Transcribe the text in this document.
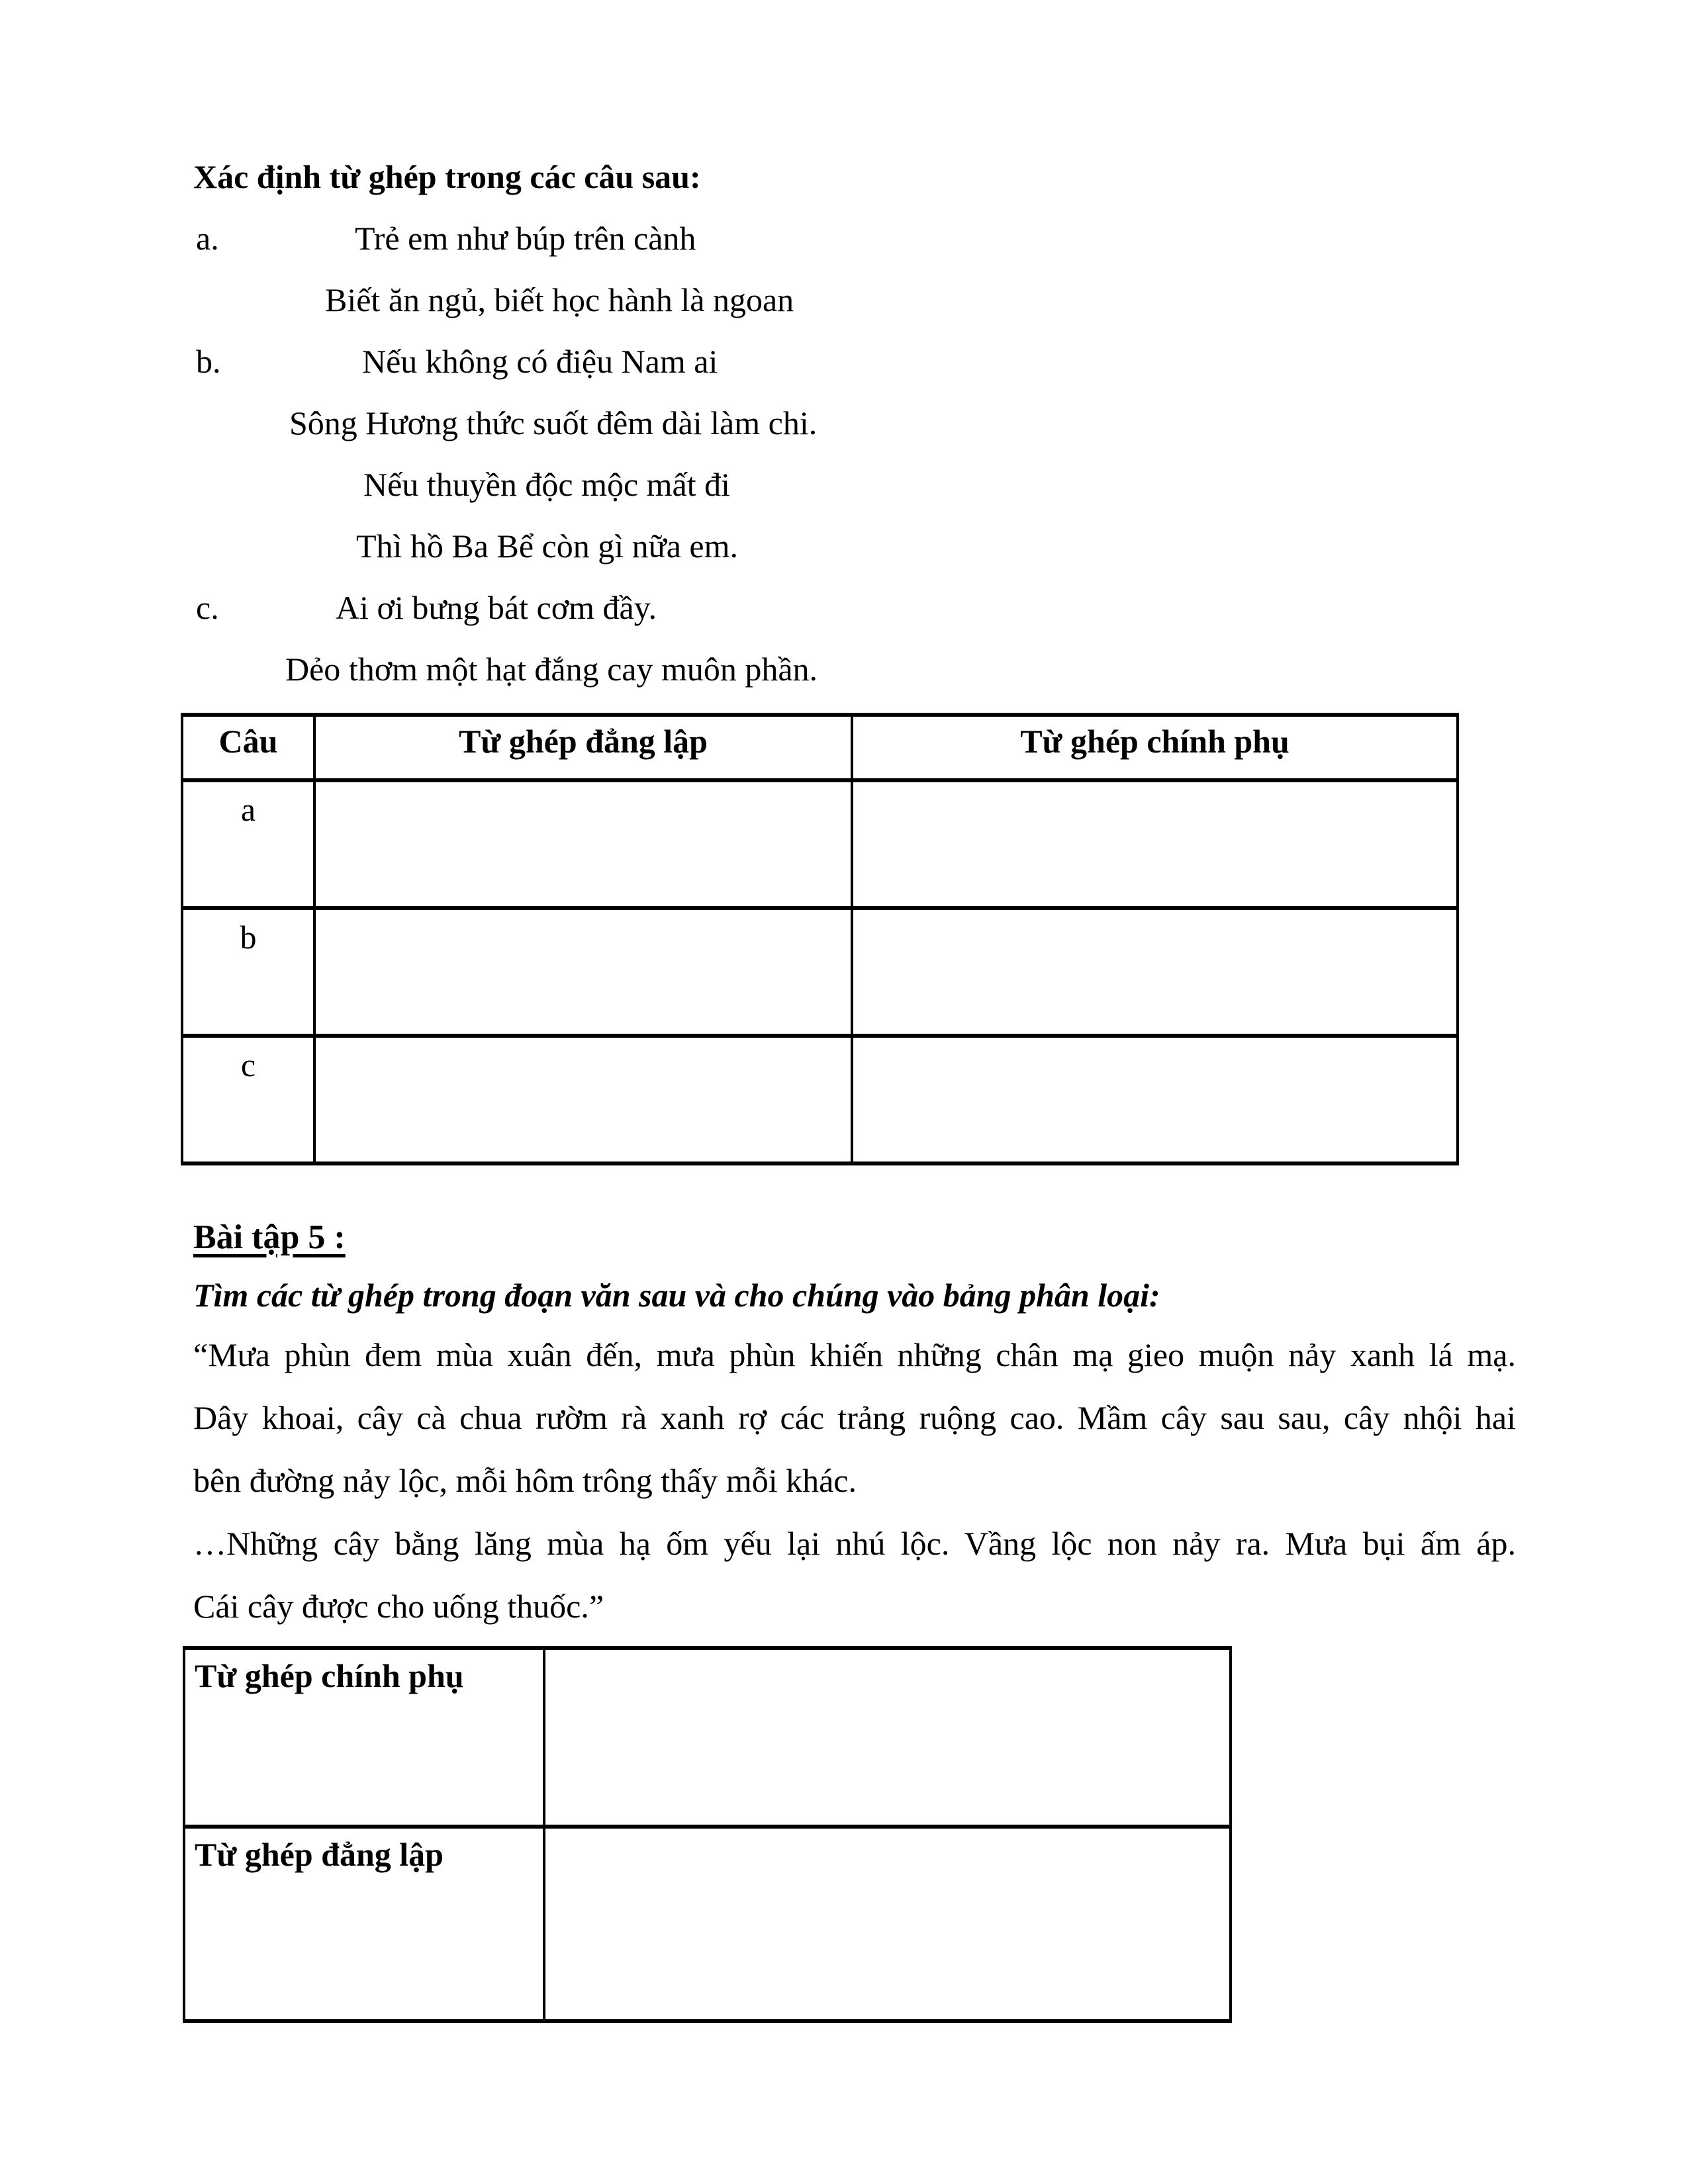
Xác định từ ghép trong các câu sau:
a.	Trẻ em như búp trên cành
Biết ăn ngủ, biết học hành là ngoan
b.	Nếu không có điệu Nam ai
Sông Hương thức suốt đêm dài làm chi.
Nếu thuyền độc mộc mất đi
Thì hồ Ba Bể còn gì nữa em.
c.	Ai ơi bưng bát cơm đầy.
Dẻo thơm một hạt đắng cay muôn phần.
Câu	Từ ghép đẳng lập	Từ ghép chính phụ
a		
b		
c		
Bài tập 5 :
Tìm các từ ghép trong đoạn văn sau và cho chúng vào bảng phân loại:
“Mưa phùn đem mùa xuân đến, mưa phùn khiến những chân mạ gieo muộn nảy xanh lá mạ.
Dây khoai, cây cà chua rườm rà xanh rợ các trảng ruộng cao. Mầm cây sau sau, cây nhội hai
bên đường nảy lộc, mỗi hôm trông thấy mỗi khác.
…Những cây bằng lăng mùa hạ ốm yếu lại nhú lộc. Vầng lộc non nảy ra. Mưa bụi ấm áp.
Cái cây được cho uống thuốc.”
Từ ghép chính phụ	
Từ ghép đẳng lập	
